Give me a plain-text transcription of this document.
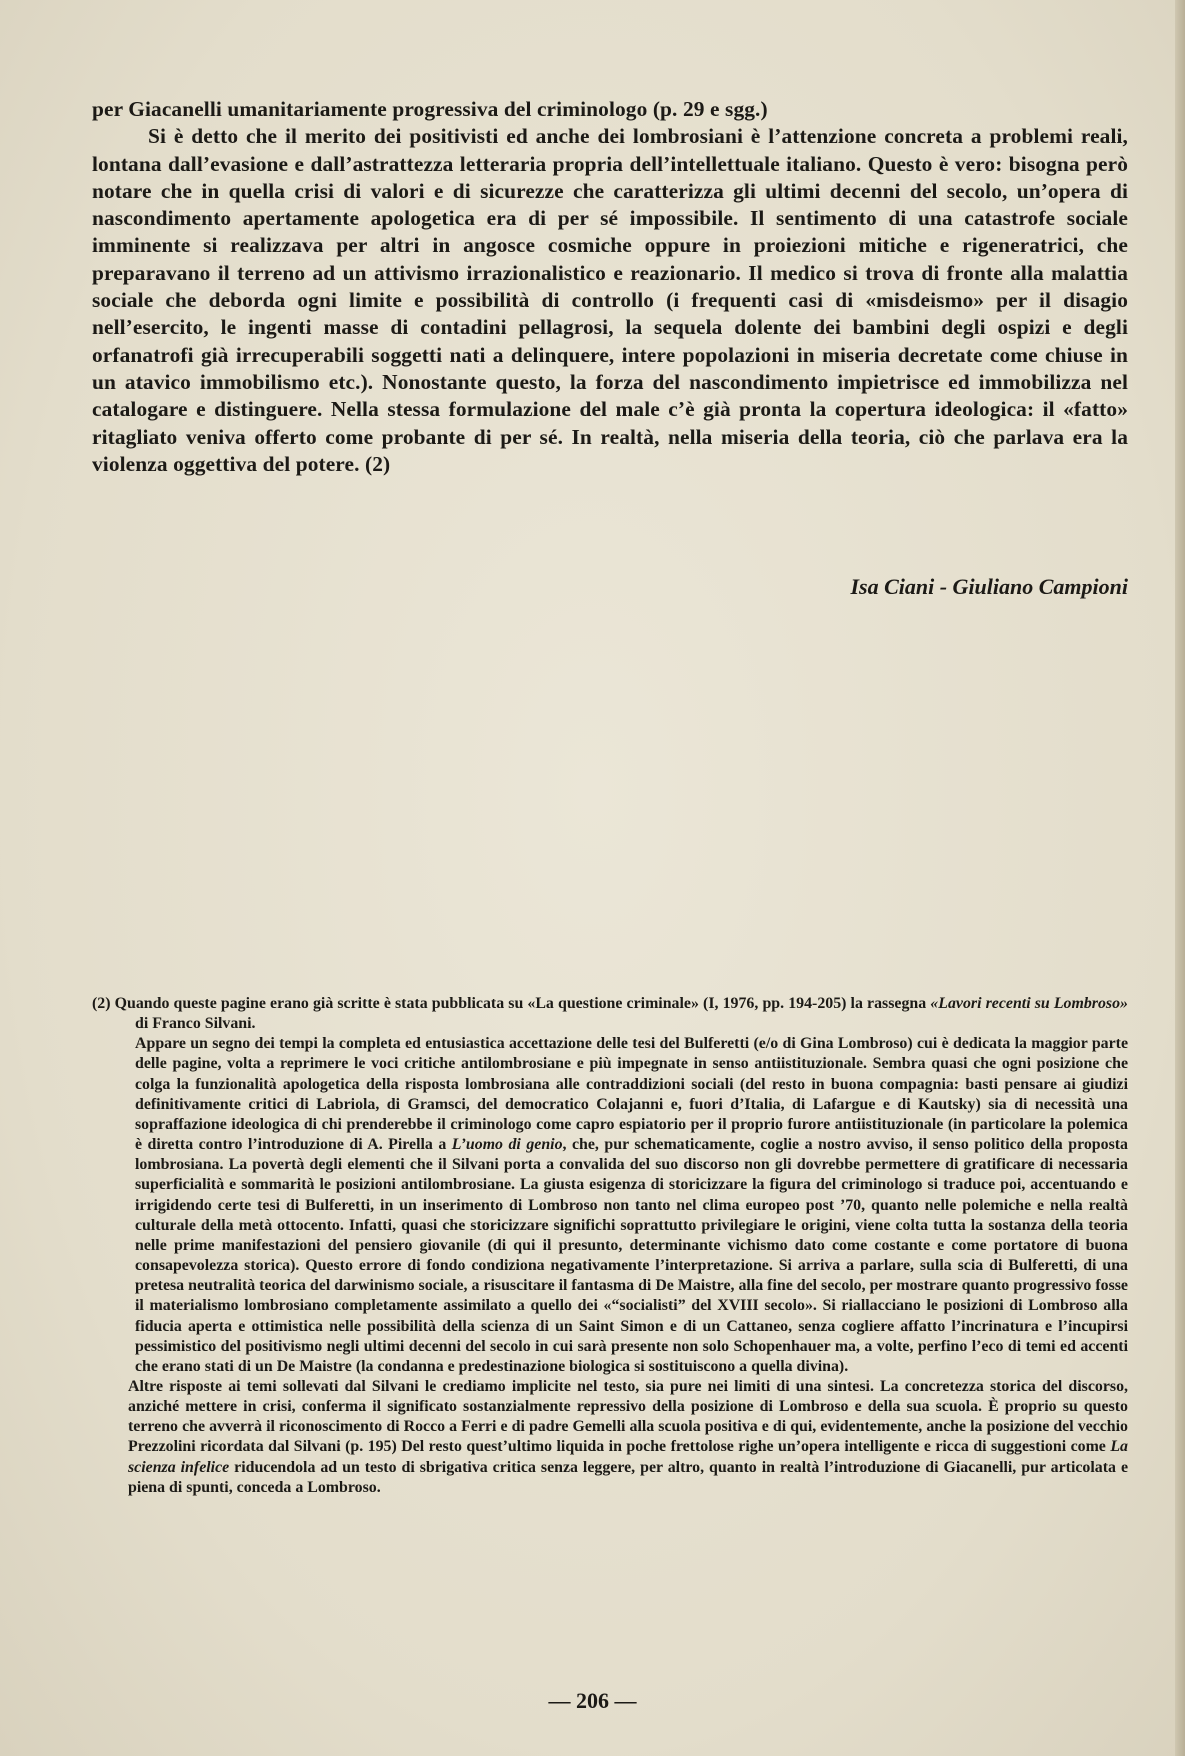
per Giacanelli umanitariamente progressiva del criminologo (p. 29 e sgg.)

Si è detto che il merito dei positivisti ed anche dei lombrosiani è l’attenzione concreta a problemi reali, lontana dall’evasione e dall’astrattezza letteraria propria dell’intellettuale italiano. Questo è vero: bisogna però notare che in quella crisi di valori e di sicurezze che caratterizza gli ultimi decenni del secolo, un’opera di nascondimento apertamente apologetica era di per sé impossibile. Il sentimento di una catastrofe sociale imminente si realizzava per altri in angosce cosmiche oppure in proiezioni mitiche e rigeneratrici, che preparavano il terreno ad un attivismo irrazionalistico e reazionario. Il medico si trova di fronte alla malattia sociale che deborda ogni limite e possibilità di controllo (i frequenti casi di «misdeismo» per il disagio nell’esercito, le ingenti masse di contadini pellagrosi, la sequela dolente dei bambini degli ospizi e degli orfanatrofi già irrecuperabili soggetti nati a delinquere, intere popolazioni in miseria decretate come chiuse in un atavico immobilismo etc.). Nonostante questo, la forza del nascondimento impietrisce ed immobilizza nel catalogare e distinguere. Nella stessa formulazione del male c’è già pronta la copertura ideologica: il «fatto» ritagliato veniva offerto come probante di per sé. In realtà, nella miseria della teoria, ciò che parlava era la violenza oggettiva del potere. (2)

Isa Ciani - Giuliano Campioni

(2) Quando queste pagine erano già scritte è stata pubblicata su «La questione criminale» (I, 1976, pp. 194-205) la rassegna «Lavori recenti su Lombroso» di Franco Silvani.

Appare un segno dei tempi la completa ed entusiastica accettazione delle tesi del Bulferetti (e/o di Gina Lombroso) cui è dedicata la maggior parte delle pagine, volta a reprimere le voci critiche antilombrosiane e più impegnate in senso antiistituzionale. Sembra quasi che ogni posizione che colga la funzionalità apologetica della risposta lombrosiana alle contraddizioni sociali (del resto in buona compagnia: basti pensare ai giudizi definitivamente critici di Labriola, di Gramsci, del democratico Colajanni e, fuori d’Italia, di Lafargue e di Kautsky) sia di necessità una sopraffazione ideologica di chi prenderebbe il criminologo come capro espiatorio per il proprio furore antiistituzionale (in particolare la polemica è diretta contro l’introduzione di A. Pirella a L’uomo di genio, che, pur schematicamente, coglie a nostro avviso, il senso politico della proposta lombrosiana. La povertà degli elementi che il Silvani porta a convalida del suo discorso non gli dovrebbe permettere di gratificare di necessaria superficialità e sommarità le posizioni antilombrosiane. La giusta esigenza di storicizzare la figura del criminologo si traduce poi, accentuando e irrigidendo certe tesi di Bulferetti, in un inserimento di Lombroso non tanto nel clima europeo post ’70, quanto nelle polemiche e nella realtà culturale della metà ottocento. Infatti, quasi che storicizzare significhi soprattutto privilegiare le origini, viene colta tutta la sostanza della teoria nelle prime manifestazioni del pensiero giovanile (di qui il presunto, determinante vichismo dato come costante e come portatore di buona consapevolezza storica). Questo errore di fondo condiziona negativamente l’interpretazione. Si arriva a parlare, sulla scia di Bulferetti, di una pretesa neutralità teorica del darwinismo sociale, a risuscitare il fantasma di De Maistre, alla fine del secolo, per mostrare quanto progressivo fosse il materialismo lombrosiano completamente assimilato a quello dei «“socialisti” del XVIII secolo». Si riallacciano le posizioni di Lombroso alla fiducia aperta e ottimistica nelle possibilità della scienza di un Saint Simon e di un Cattaneo, senza cogliere affatto l’incrinatura e l’incupirsi pessimistico del positivismo negli ultimi decenni del secolo in cui sarà presente non solo Schopenhauer ma, a volte, perfino l’eco di temi ed accenti che erano stati di un De Maistre (la condanna e predestinazione biologica si sostituiscono a quella divina).

Altre risposte ai temi sollevati dal Silvani le crediamo implicite nel testo, sia pure nei limiti di una sintesi. La concretezza storica del discorso, anziché mettere in crisi, conferma il significato sostanzialmente repressivo della posizione di Lombroso e della sua scuola. È proprio su questo terreno che avverrà il riconoscimento di Rocco a Ferri e di padre Gemelli alla scuola positiva e di qui, evidentemente, anche la posizione del vecchio Prezzolini ricordata dal Silvani (p. 195) Del resto quest’ultimo liquida in poche frettolose righe un’opera intelligente e ricca di suggestioni come La scienza infelice riducendola ad un testo di sbrigativa critica senza leggere, per altro, quanto in realtà l’introduzione di Giacanelli, pur articolata e piena di spunti, conceda a Lombroso.

— 206 —
